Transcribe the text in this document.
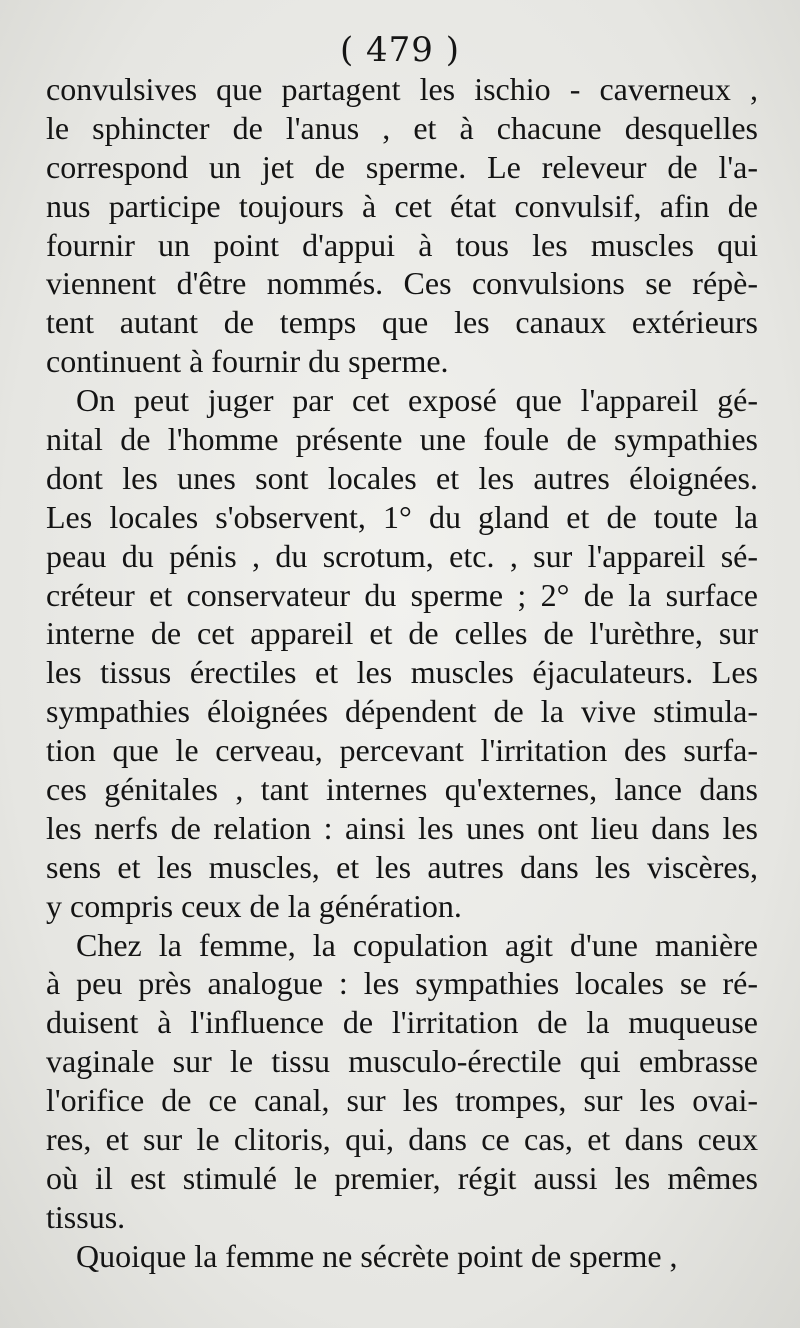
( 479 )
convulsives que partagent les ischio - caverneux ,
le sphincter de l'anus , et à chacune desquelles
correspond un jet de sperme. Le releveur de l'a-
nus participe toujours à cet état convulsif, afin de
fournir un point d'appui à tous les muscles qui
viennent d'être nommés. Ces convulsions se répè-
tent autant de temps que les canaux extérieurs
continuent à fournir du sperme.
On peut juger par cet exposé que l'appareil gé-
nital de l'homme présente une foule de sympathies
dont les unes sont locales et les autres éloignées.
Les locales s'observent, 1° du gland et de toute la
peau du pénis , du scrotum, etc. , sur l'appareil sé-
créteur et conservateur du sperme ; 2° de la surface
interne de cet appareil et de celles de l'urèthre, sur
les tissus érectiles et les muscles éjaculateurs. Les
sympathies éloignées dépendent de la vive stimula-
tion que le cerveau, percevant l'irritation des surfa-
ces génitales , tant internes qu'externes, lance dans
les nerfs de relation : ainsi les unes ont lieu dans les
sens et les muscles, et les autres dans les viscères,
y compris ceux de la génération.
Chez la femme, la copulation agit d'une manière
à peu près analogue : les sympathies locales se ré-
duisent à l'influence de l'irritation de la muqueuse
vaginale sur le tissu musculo-érectile qui embrasse
l'orifice de ce canal, sur les trompes, sur les ovai-
res, et sur le clitoris, qui, dans ce cas, et dans ceux
où il est stimulé le premier, régit aussi les mêmes
tissus.
Quoique la femme ne sécrète point de sperme ,
